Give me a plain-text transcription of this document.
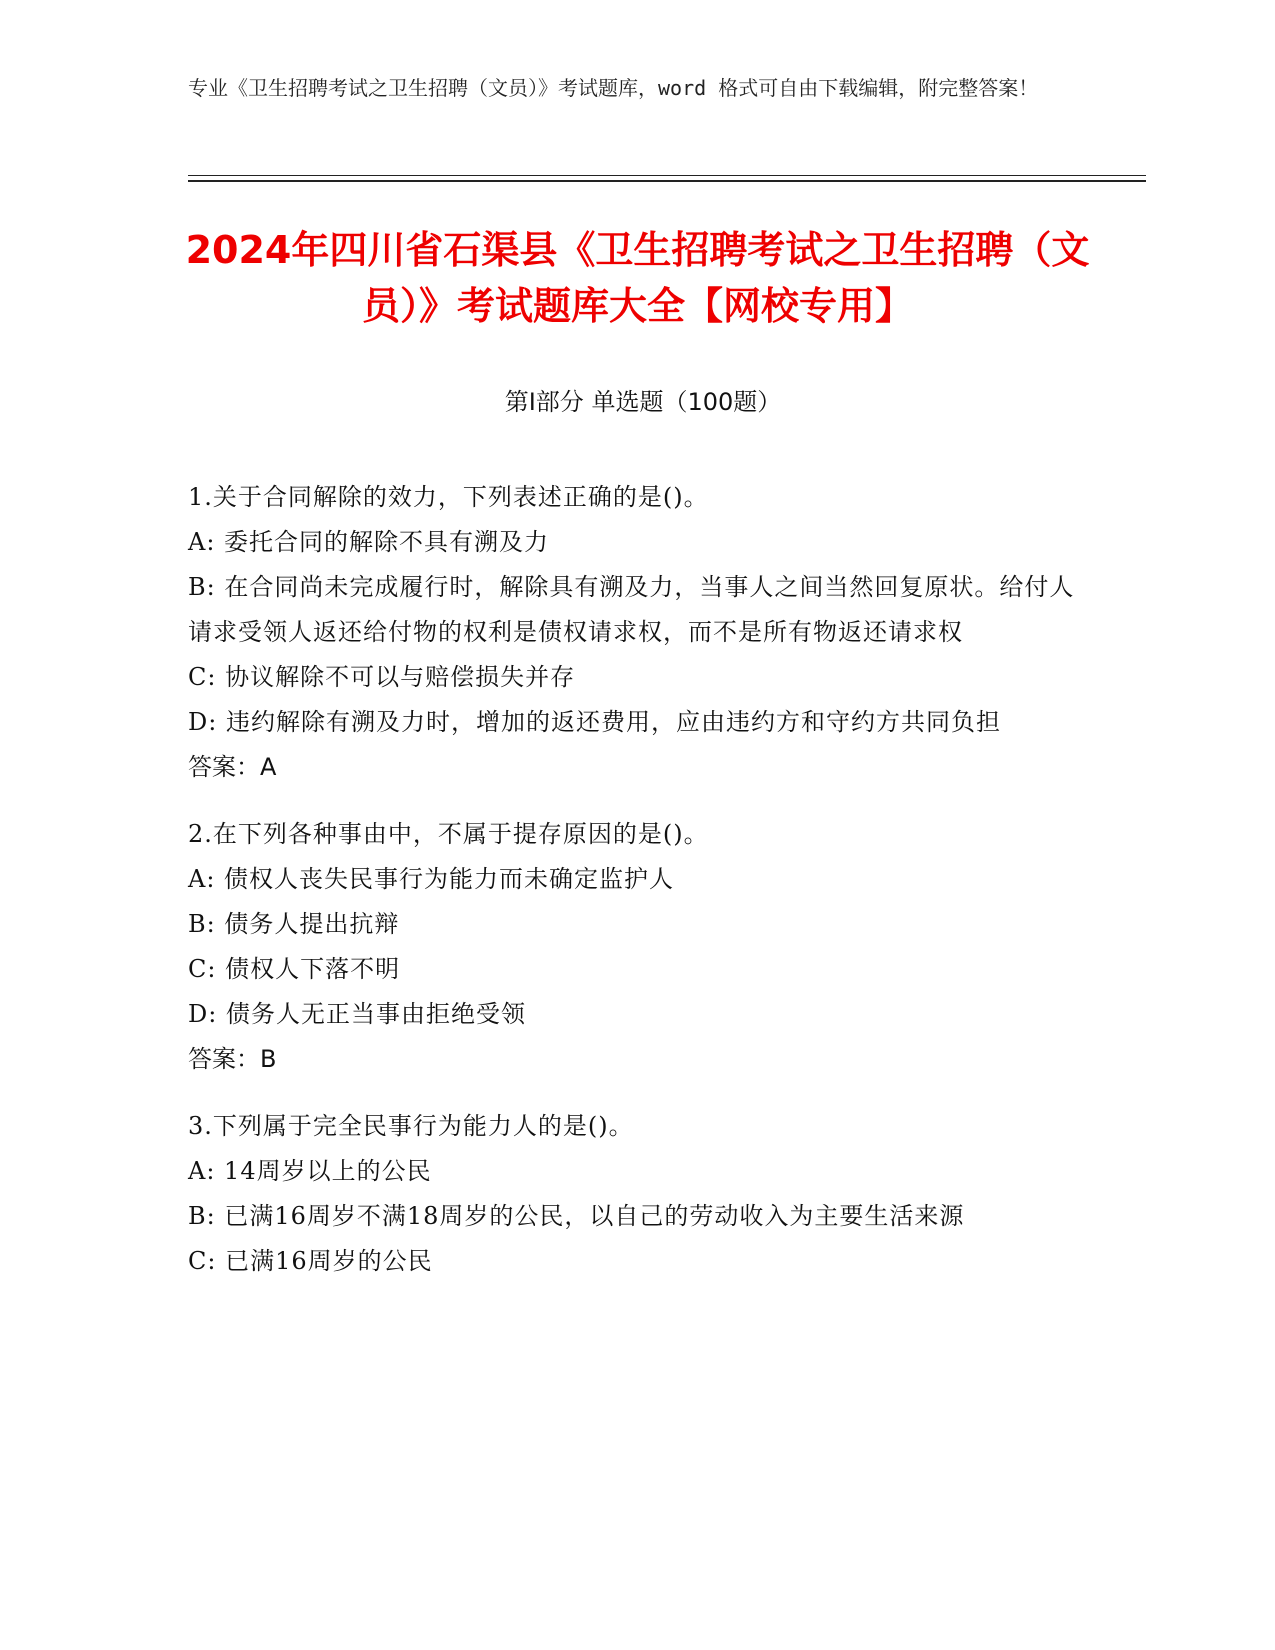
专业《卫生招聘考试之卫生招聘（文员）》考试题库，word 格式可自由下载编辑，附完整答案！
2024年四川省石渠县《卫生招聘考试之卫生招聘（文员）》考试题库大全【网校专用】
第Ⅰ部分 单选题（100题）
1.关于合同解除的效力，下列表述正确的是()。
A: 委托合同的解除不具有溯及力
B: 在合同尚未完成履行时，解除具有溯及力，当事人之间当然回复原状。给付人请求受领人返还给付物的权利是债权请求权，而不是所有物返还请求权
C: 协议解除不可以与赔偿损失并存
D: 违约解除有溯及力时，增加的返还费用，应由违约方和守约方共同负担
答案：A
2.在下列各种事由中，不属于提存原因的是()。
A: 债权人丧失民事行为能力而未确定监护人
B: 债务人提出抗辩
C: 债权人下落不明
D: 债务人无正当事由拒绝受领
答案：B
3.下列属于完全民事行为能力人的是()。
A: 14周岁以上的公民
B: 已满16周岁不满18周岁的公民，以自己的劳动收入为主要生活来源
C: 已满16周岁的公民
